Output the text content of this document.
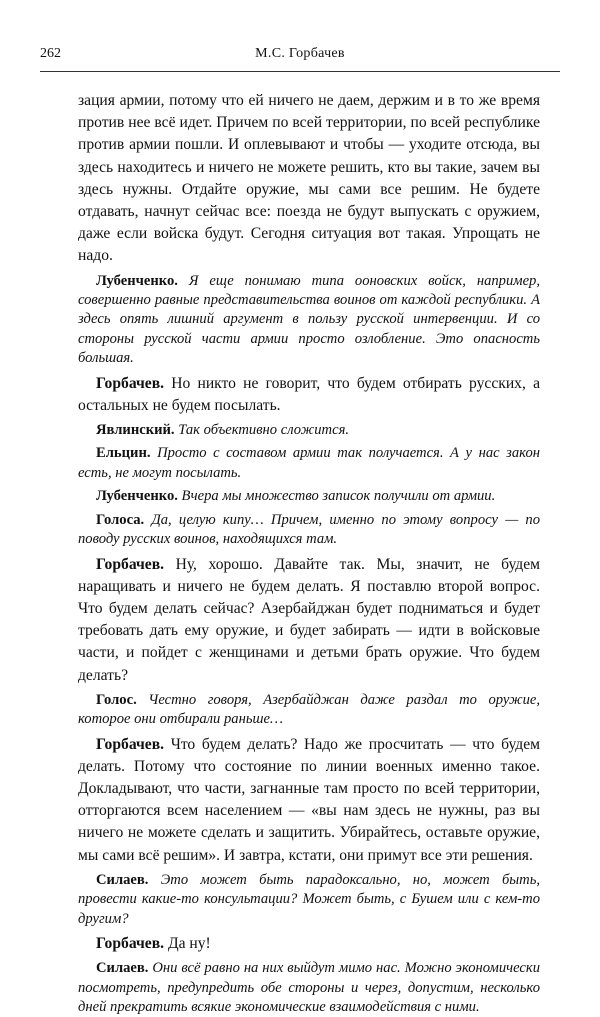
262	М.С. Горбачев

зация армии, потому что ей ничего не даем, держим и в то же время против нее всё идет. Причем по всей территории, по всей республике против армии пошли. И оплевывают и чтобы — уходите отсюда, вы здесь находитесь и ничего не можете решить, кто вы такие, зачем вы здесь нужны. Отдайте оружие, мы сами все решим. Не будете отдавать, начнут сейчас все: поезда не будут выпускать с оружием, даже если войска будут. Сегодня ситуация вот такая. Упрощать не надо.

Лубенченко. Я еще понимаю типа оонoвских войск, например, совершенно равные представительства воинов от каждой республики. А здесь опять лишний аргумент в пользу русской интервенции. И со стороны русской части армии просто озлобление. Это опасность большая.

Горбачев. Но никто не говорит, что будем отбирать русских, а остальных не будем посылать.

Явлинский. Так объективно сложится.

Ельцин. Просто с составом армии так получается. А у нас закон есть, не могут посылать.

Лубенченко. Вчера мы множество записок получили от армии.

Голоса. Да, целую кипу… Причем, именно по этому вопросу — по поводу русских воинов, находящихся там.

Горбачев. Ну, хорошо. Давайте так. Мы, значит, не будем наращивать и ничего не будем делать. Я поставлю второй вопрос. Что будем делать сейчас? Азербайджан будет подниматься и будет требовать дать ему оружие, и будет забирать — идти в войсковые части, и пойдет с женщинами и детьми брать оружие. Что будем делать?

Голос. Честно говоря, Азербайджан даже раздал то оружие, которое они отбирали раньше…

Горбачев. Что будем делать? Надо же просчитать — что будем делать. Потому что состояние по линии военных именно такое. Докладывают, что части, загнанные там просто по всей территории, отторгаются всем населением — «вы нам здесь не нужны, раз вы ничего не можете сделать и защитить. Убирайтесь, оставьте оружие, мы сами всё решим». И завтра, кстати, они примут все эти решения.

Силаев. Это может быть парадоксально, но, может быть, провести какие-то консультации? Может быть, с Бушем или с кем-то другим?

Горбачев. Да ну!

Силаев. Они всё равно на них выйдут мимо нас. Можно экономически посмотреть, предупредить обе стороны и через, допустим, несколько дней прекратить всякие экономические взаимодействия с ними.
